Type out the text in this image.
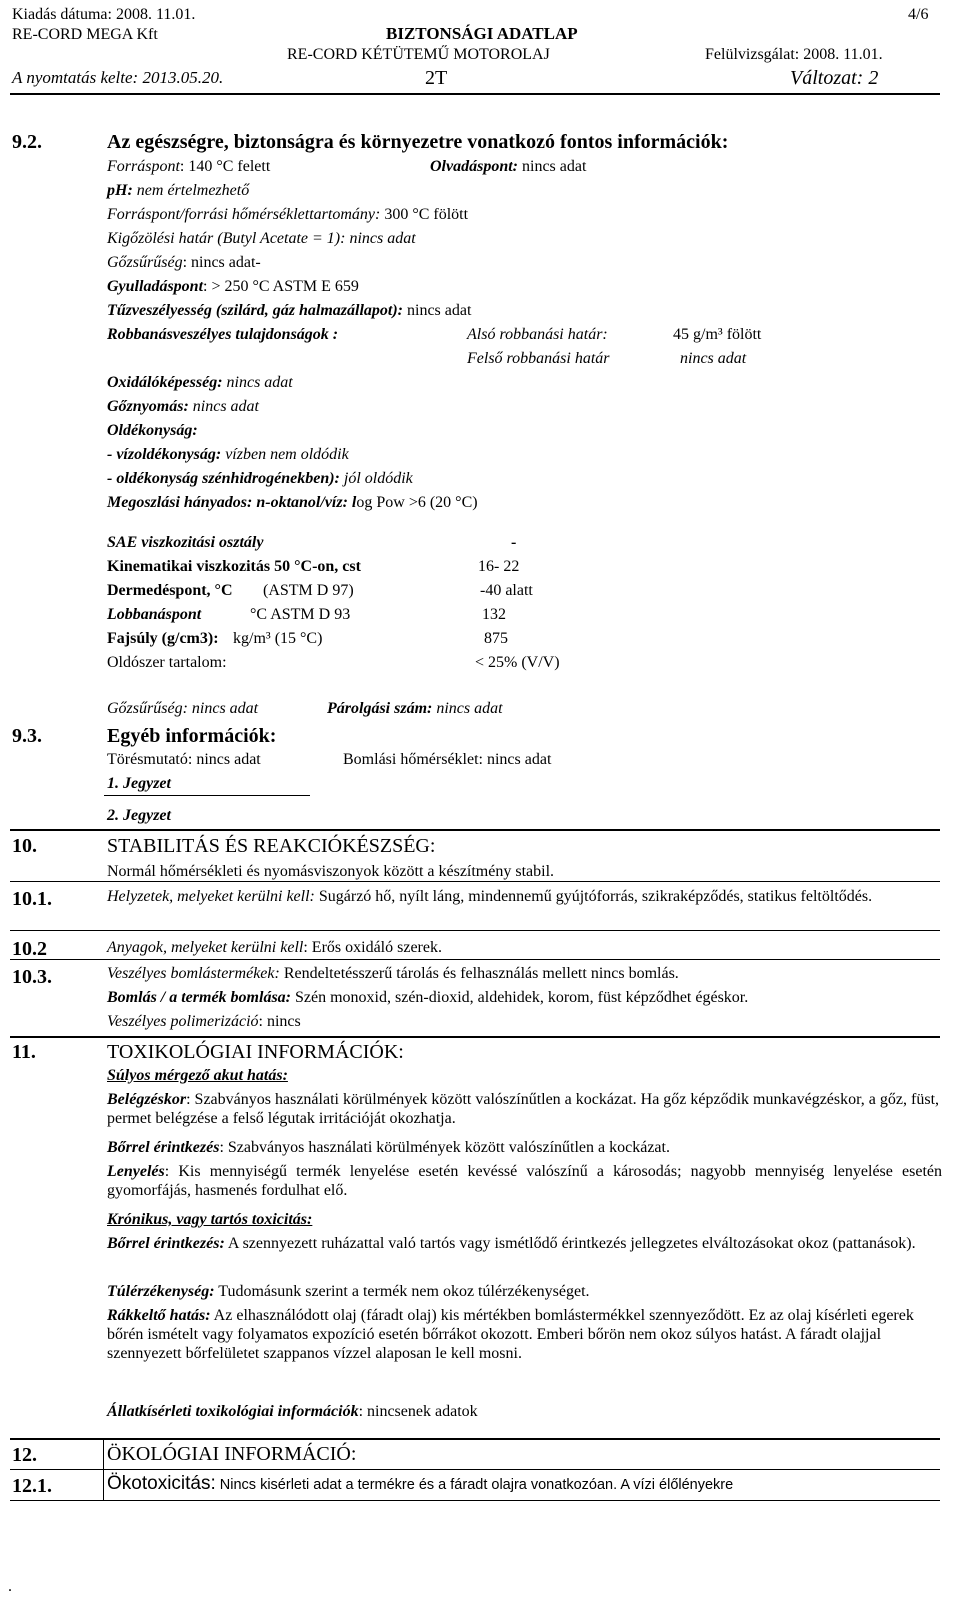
Kiadás dátuma: 2008. 11.01.	4/6
RE-CORD MEGA Kft	BIZTONSÁGI ADATLAP
RE-CORD KÉTÜTEMŰ MOTOROLAJ	Felülvizsgálat: 2008. 11.01.
A nyomtatás kelte: 2013.05.20.	2T	Változat: 2
9.2.	Az egészségre, biztonságra és környezetre vonatkozó fontos információk:
Forráspont: 140 °C felett	Olvadáspont: nincs adat
pH: nem értelmezhető
Forráspont/forrási hőmérséklettartomány: 300 °C fölött
Kigőzölési határ (Butyl Acetate = 1): nincs adat
Gőzsűrűség: nincs adat-
Gyulladáspont: > 250 °C ASTM E 659
Tűzveszélyesség (szilárd, gáz halmazállapot): nincs adat
Robbanásveszélyes tulajdonságok :	Alsó robbanási határ:	45 g/m³ fölött
Felső robbanási határ	nincs adat
Oxidálóképesség: nincs adat
Gőznyomás: nincs adat
Oldékonyság:
- vízoldékonyság: vízben nem oldódik
- oldékonyság szénhidrogénekben): jól oldódik
Megoszlási hányados: n-oktanol/víz: log Pow >6 (20 °C)
SAE viszkozitási osztály	-
Kinematikai viszkozitás 50 °C-on, cst	16- 22
Dermedéspont, °C (ASTM D 97)	-40 alatt
Lobbanáspont	°C ASTM D 93	132
Fajsúly (g/cm3): kg/m³ (15 °C)	875
Oldószer tartalom:	< 25% (V/V)
Gőzsűrűség: nincs adat	Párolgási szám: nincs adat
9.3.	Egyéb információk:
Törésmutató: nincs adat	Bomlási hőmérséklet: nincs adat
1. Jegyzet
2. Jegyzet
10.	STABILITÁS ÉS REAKCIÓKÉSZSÉG:
Normál hőmérsékleti és nyomásviszonyok között a készítmény stabil.
10.1.	Helyzetek, melyeket kerülni kell: Sugárzó hő, nyílt láng, mindennemű gyújtóforrás, szikraképződés, statikus feltöltődés.
10.2	Anyagok, melyeket kerülni kell: Erős oxidáló szerek.
10.3.	Veszélyes bomlástermékek: Rendeltetésszerű tárolás és felhasználás mellett nincs bomlás.
Bomlás / a termék bomlása: Szén monoxid, szén-dioxid, aldehidek, korom, füst képződhet égéskor.
Veszélyes polimerizáció: nincs
11.	TOXIKOLÓGIAI INFORMÁCIÓK:
Súlyos mérgező akut hatás:
Belégzéskor: Szabványos használati körülmények között valószínűtlen a kockázat. Ha gőz képződik munkavégzéskor, a gőz, füst, permet belégzése a felső légutak irritációját okozhatja.
Bőrrel érintkezés: Szabványos használati körülmények között valószínűtlen a kockázat.
Lenyelés: Kis mennyiségű termék lenyelése esetén kevéssé valószínű a károsodás; nagyobb mennyiség lenyelése esetén gyomorfájás, hasmenés fordulhat elő.
Krónikus, vagy tartós toxicitás:
Bőrrel érintkezés: A szennyezett ruházattal való tartós vagy ismétlődő érintkezés jellegzetes elváltozásokat okoz (pattanások).
Túlérzékenység: Tudomásunk szerint a termék nem okoz túlérzékenységet.
Rákkeltő hatás: Az elhasználódott olaj (fáradt olaj) kis mértékben bomlástermékkel szennyeződött. Ez az olaj kísérleti egerek bőrén ismételt vagy folyamatos expozíció esetén bőrrákot okozott. Emberi bőrön nem okoz súlyos hatást. A fáradt olajjal szennyezett bőrfelületet szappanos vízzel alaposan le kell mosni.
Állatkísérleti toxikológiai információk: nincsenek adatok
12.	ÖKOLÓGIAI INFORMÁCIÓ:
12.1.	Ökotoxicitás: Nincs kisérleti adat a termékre és a fáradt olajra vonatkozóan. A vízi élőlényekre
.
